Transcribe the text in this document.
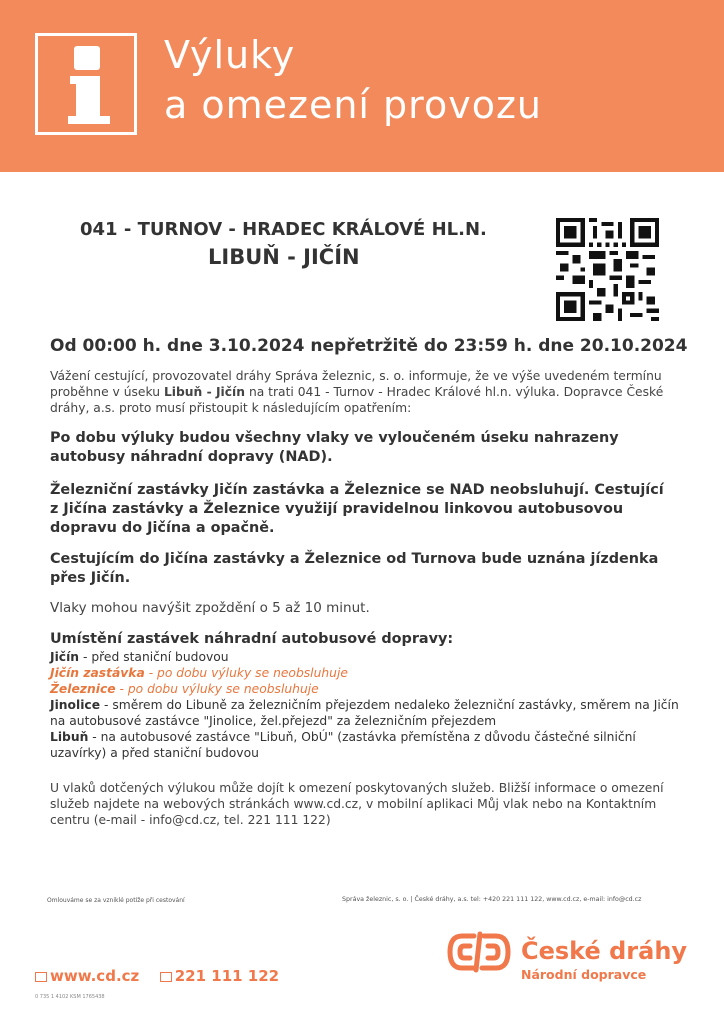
Výluky
a omezení provozu
041 - TURNOV - HRADEC KRÁLOVÉ HL.N.
LIBUŇ - JIČÍN
Od 00:00 h. dne 3.10.2024 nepřetržitě do 23:59 h. dne 20.10.2024

Vážení cestující, provozovatel dráhy Správa železnic, s. o. informuje, že ve výše uvedeném termínu proběhne v úseku Libuň - Jičín na trati 041 - Turnov - Hradec Králové hl.n. výluka. Dopravce České dráhy, a.s. proto musí přistoupit k následujícím opatřením:

Po dobu výluky budou všechny vlaky ve vyloučeném úseku nahrazeny autobusy náhradní dopravy (NAD).

Železniční zastávky Jičín zastávka a Železnice se NAD neobsluhují. Cestující z Jičína zastávky a Železnice využijí pravidelnou linkovou autobusovou dopravu do Jičína a opačně.

Cestujícím do Jičína zastávky a Železnice od Turnova bude uznána jízdenka přes Jičín.

Vlaky mohou navýšit zpoždění o 5 až 10 minut.

Umístění zastávek náhradní autobusové dopravy:
Jičín - před staniční budovou
Jičín zastávka - po dobu výluky se neobsluhuje
Železnice - po dobu výluky se neobsluhuje
Jinolice - směrem do Libuně za železničním přejezdem nedaleko železniční zastávky, směrem na Jičín na autobusové zastávce "Jinolice, žel.přejezd" za železničním přejezdem
Libuň - na autobusové zastávce "Libuň, ObÚ" (zastávka přemístěna z důvodu částečné silniční uzavírky) a před staniční budovou

U vlaků dotčených výlukou může dojít k omezení poskytovaných služeb. Bližší informace o omezení služeb najdete na webových stránkách www.cd.cz, v mobilní aplikaci Můj vlak nebo na Kontaktním centru (e-mail - info@cd.cz, tel. 221 111 122)

Omlouváme se za vzniklé potíže při cestování	Správa železnic, s. o. | České dráhy, a.s. tel: +420 221 111 122, www.cd.cz, e-mail: info@cd.cz
www.cd.cz 221 111 122
0 735 1 4102 KSM 1765438
České dráhy
Národní dopravce
